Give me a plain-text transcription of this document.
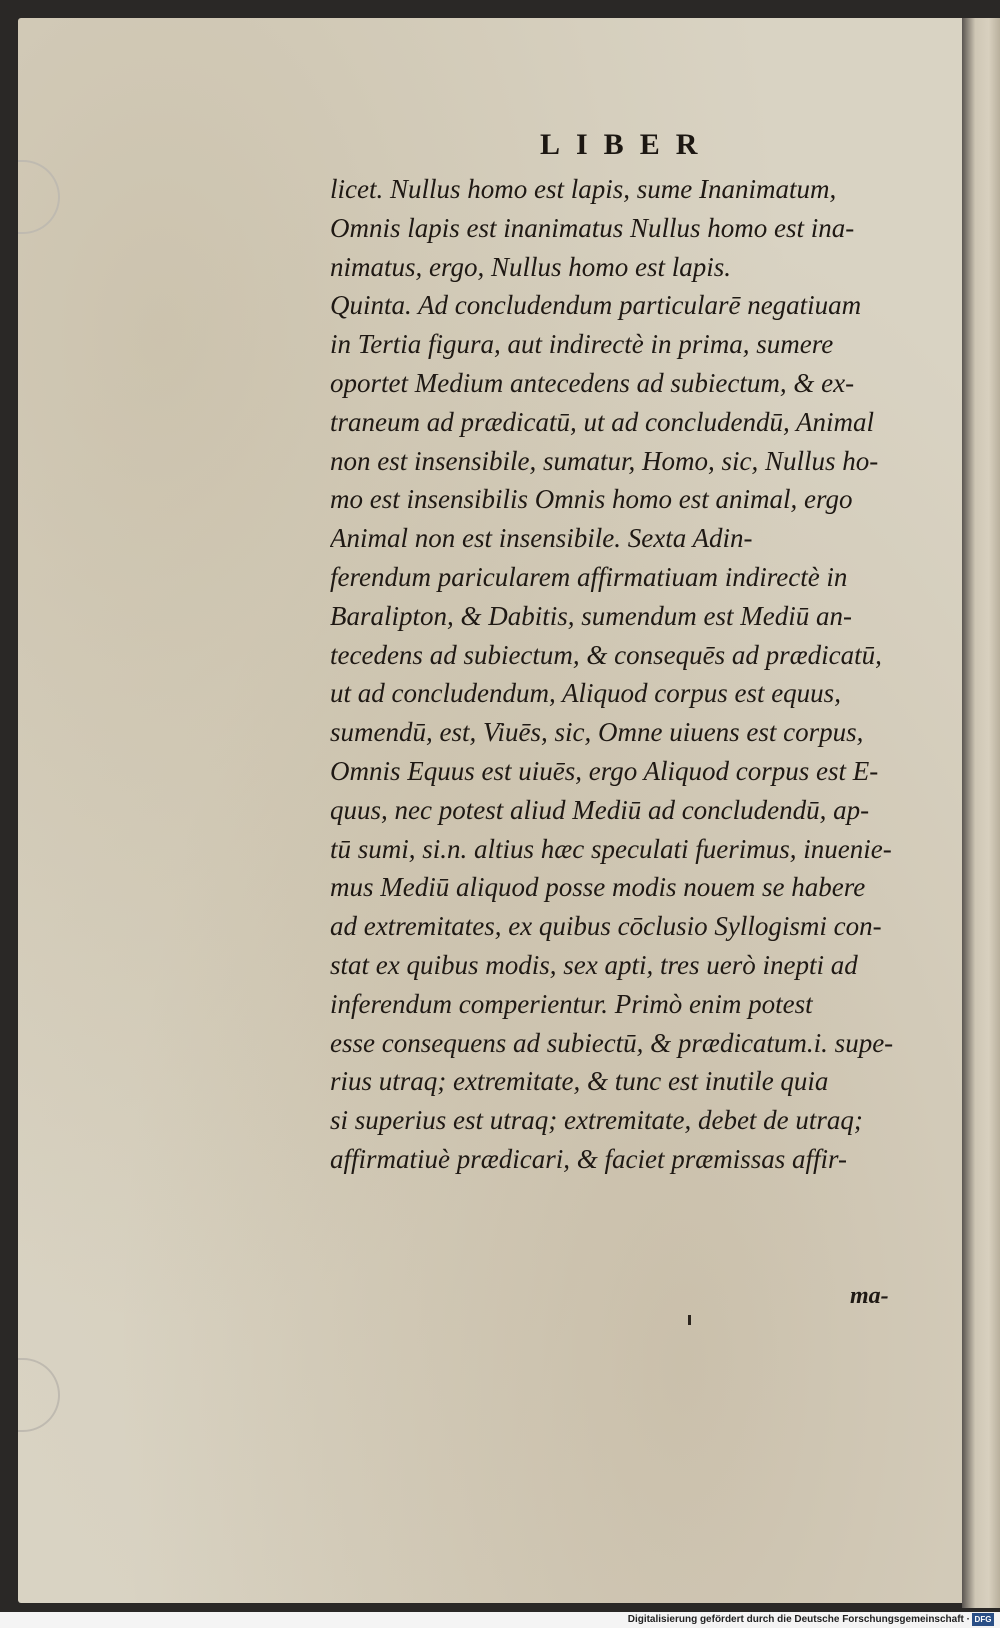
LIBER
licet. Nullus homo est lapis, sume Inanimatum,
Omnis lapis est inanimatus Nullus homo est ina-
nimatus, ergo, Nullus homo est lapis.
Quinta. Ad concludendum particularē negatiuam
in Tertia figura, aut indirectè in prima, sumere
oportet Medium antecedens ad subiectum, & ex-
traneum ad prædicatū, ut ad concludendū, Animal
non est insensibile, sumatur, Homo, sic, Nullus ho-
mo est insensibilis Omnis homo est animal, ergo
Animal non est insensibile. Sexta Adin-
ferendum paricularem affirmatiuam indirectè in
Baralipton, & Dabitis, sumendum est Mediū an-
tecedens ad subiectum, & consequēs ad prædicatū,
ut ad concludendum, Aliquod corpus est equus,
sumendū, est, Viuēs, sic, Omne uiuens est corpus,
Omnis Equus est uiuēs, ergo Aliquod corpus est E-
quus, nec potest aliud Mediū ad concludendū, ap-
tū sumi, si.n. altius hæc speculati fuerimus, inuenie-
mus Mediū aliquod posse modis nouem se habere
ad extremitates, ex quibus cōclusio Syllogismi con-
stat ex quibus modis, sex apti, tres uerò inepti ad
inferendum comperientur. Primò enim potest
esse consequens ad subiectū, & prædicatum.i. supe-
rius utraq; extremitate, & tunc est inutile quia
si superius est utraq; extremitate, debet de utraq;
affirmatiuè prædicari, & faciet præmissas affir-
ma-
Digitalisierung gefördert durch die Deutsche Forschungsgemeinschaft · DFG
